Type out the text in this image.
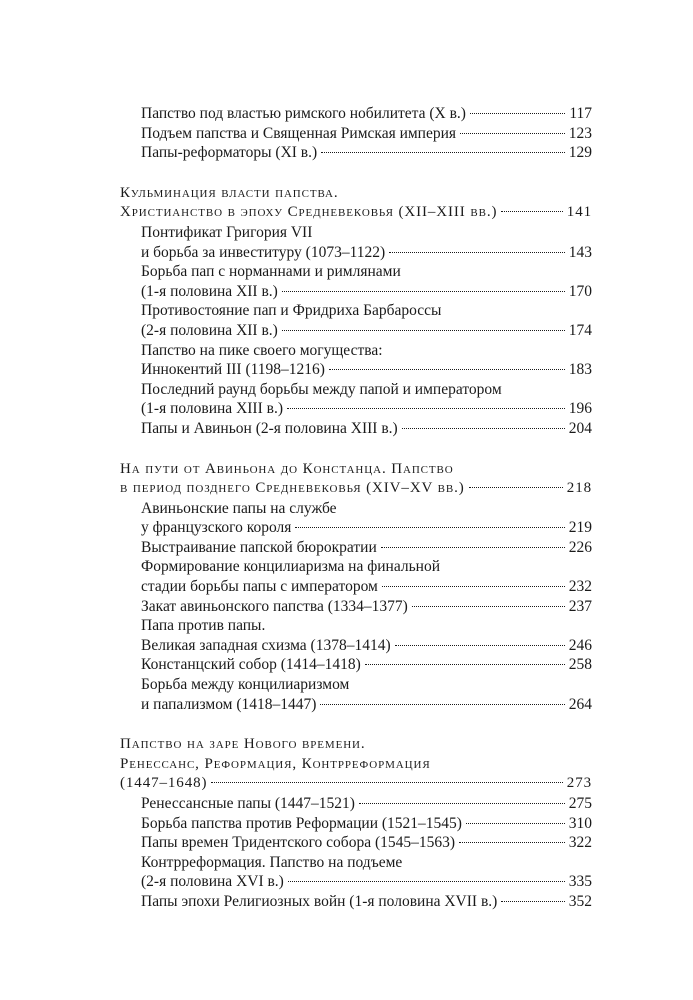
Папство под властью римского нобилитета (X в.)	117
Подъем папства и Священная Римская империя	123
Папы-реформаторы (XI в.)	129
Кульминация власти папства.
Христианство в эпоху Средневековья (XII–XIII вв.)	141
Понтификат Григория VII
и борьба за инвеституру (1073–1122)	143
Борьба пап с норманнами и римлянами
(1-я половина XII в.)	170
Противостояние пап и Фридриха Барбароссы
(2-я половина XII в.)	174
Папство на пике своего могущества:
Иннокентий III (1198–1216)	183
Последний раунд борьбы между папой и императором
(1-я половина XIII в.)	196
Папы и Авиньон (2-я половина XIII в.)	204
На пути от Авиньона до Констанца. Папство
в период позднего Средневековья (XIV–XV вв.)	218
Авиньонские папы на службе
у французского короля	219
Выстраивание папской бюрократии	226
Формирование концилиаризма на финальной
стадии борьбы папы с императором	232
Закат авиньонского папства (1334–1377)	237
Папа против папы.
Великая западная схизма (1378–1414)	246
Констанцский собор (1414–1418)	258
Борьба между концилиаризмом
и папализмом (1418–1447)	264
Папство на заре Нового времени.
Ренессанс, Реформация, Контрреформация
(1447–1648)	273
Ренессансные папы (1447–1521)	275
Борьба папства против Реформации (1521–1545)	310
Папы времен Тридентского собора (1545–1563)	322
Контрреформация. Папство на подъеме
(2-я половина XVI в.)	335
Папы эпохи Религиозных войн (1-я половина XVII в.)	352
